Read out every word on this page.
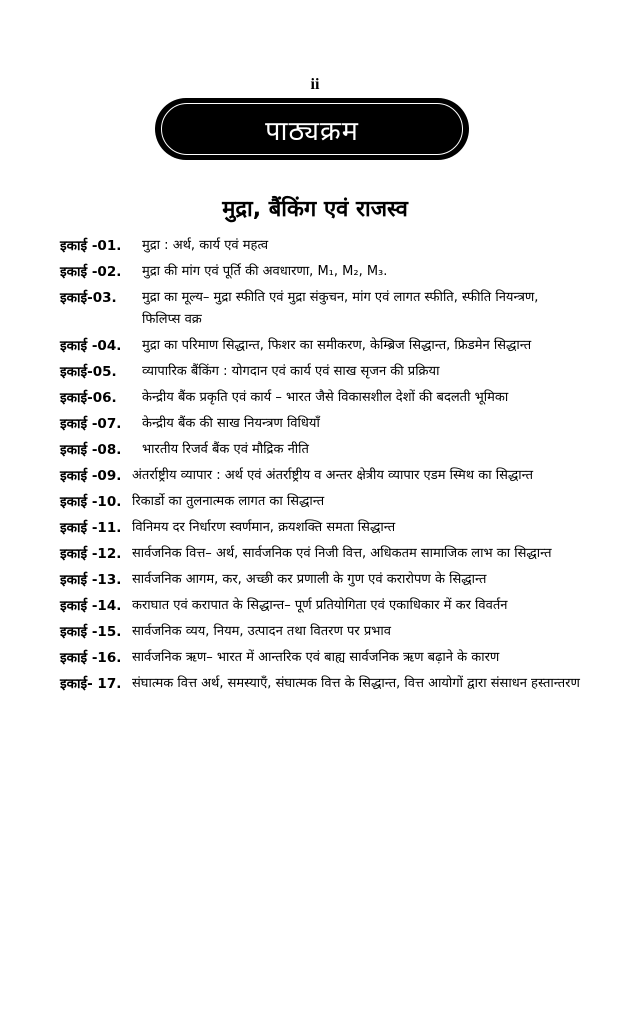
ii
पाठ्यक्रम
मुद्रा, बैंकिंग एवं राजस्व
इकाई -01.	मुद्रा : अर्थ, कार्य एवं महत्व
इकाई -02.	मुद्रा की मांग एवं पूर्ति की अवधारणा, M₁, M₂, M₃.
इकाई-03.	मुद्रा का मूल्य– मुद्रा स्फीति एवं मुद्रा संकुचन, मांग एवं लागत स्फीति, स्फीति नियन्त्रण, फिलिप्स वक्र
इकाई -04.	मुद्रा का परिमाण सिद्धान्त, फिशर का समीकरण, केम्ब्रिज सिद्धान्त, फ्रिडमेन सिद्धान्त
इकाई-05.	व्यापारिक बैंकिंग : योगदान एवं कार्य एवं साख सृजन की प्रक्रिया
इकाई-06.	केन्द्रीय बैंक प्रकृति एवं कार्य – भारत जैसे विकासशील देशों की बदलती भूमिका
इकाई -07.	केन्द्रीय बैंक की साख नियन्त्रण विधियाँ
इकाई -08.	भारतीय रिजर्व बैंक एवं मौद्रिक नीति
इकाई -09. अंतर्राष्ट्रीय व्यापार : अर्थ एवं अंतर्राष्ट्रीय व अन्तर क्षेत्रीय व्यापार एडम स्मिथ का सिद्धान्त
इकाई -10. रिकार्डो का तुलनात्मक लागत का सिद्धान्त
इकाई -11. विनिमय दर निर्धारण स्वर्णमान, क्रयशक्ति समता सिद्धान्त
इकाई -12. सार्वजनिक वित्त– अर्थ, सार्वजनिक एवं निजी वित्त, अधिकतम सामाजिक लाभ का सिद्धान्त
इकाई -13. सार्वजनिक आगम, कर, अच्छी कर प्रणाली के गुण एवं करारोपण के सिद्धान्त
इकाई -14. कराघात एवं करापात के सिद्धान्त– पूर्ण प्रतियोगिता एवं एकाधिकार में कर विवर्तन
इकाई -15. सार्वजनिक व्यय, नियम, उत्पादन तथा वितरण पर प्रभाव
इकाई -16. सार्वजनिक ऋण– भारत में आन्तरिक एवं बाह्य सार्वजनिक ऋण बढ़ाने के कारण
इकाई- 17. संघात्मक वित्त अर्थ, समस्याएँ, संघात्मक वित्त के सिद्धान्त, वित्त आयोगों द्वारा संसाधन हस्तान्तरण
